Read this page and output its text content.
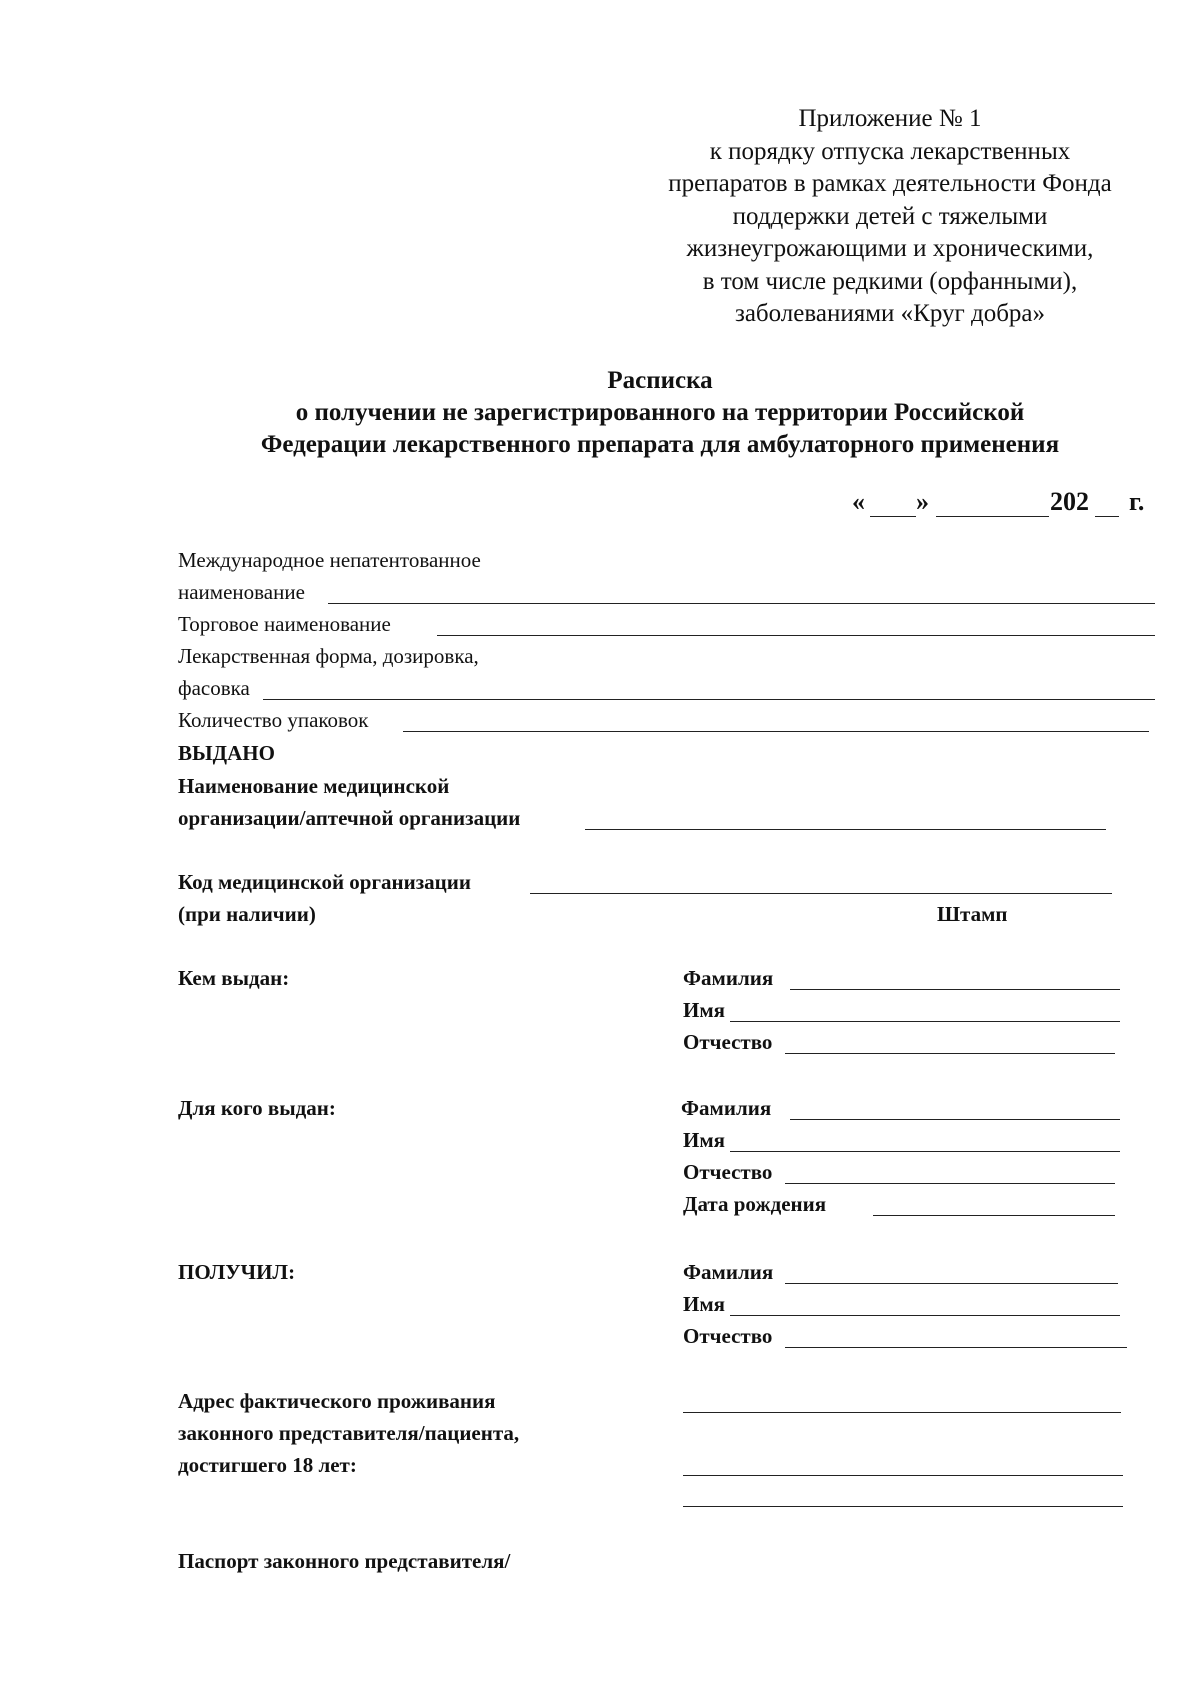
Приложение № 1
к порядку отпуска лекарственных
препаратов в рамках деятельности Фонда
поддержки детей с тяжелыми
жизнеугрожающими и хроническими,
в том числе редкими (орфанными),
заболеваниями «Круг добра»
Расписка
о получении не зарегистрированного на территории Российской
Федерации лекарственного препарата для амбулаторного применения
« »	202 г.
Международное непатентованное
наименование
Торговое наименование
Лекарственная форма, дозировка,
фасовка
Количество упаковок
ВЫДАНО
Наименование медицинской
организации/аптечной организации
Код медицинской организации
(при наличии)	Штамп
Кем выдан:	Фамилия
Имя
Отчество
Для кого выдан:	Фамилия
Имя
Отчество
Дата рождения
ПОЛУЧИЛ:	Фамилия
Имя
Отчество
Адрес фактического проживания
законного представителя/пациента,
достигшего 18 лет:
Паспорт законного представителя/
